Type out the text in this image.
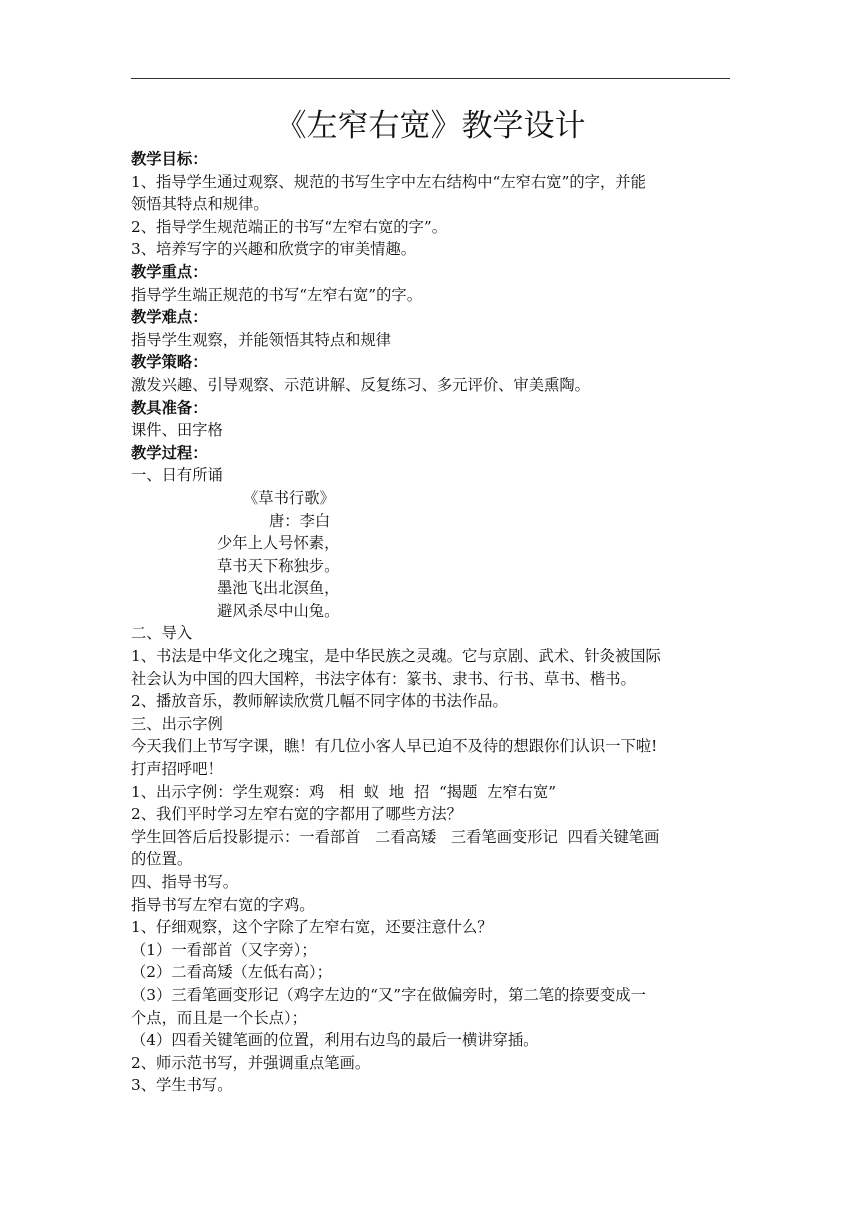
《左窄右宽》教学设计
教学目标：
1、指导学生通过观察、规范的书写生字中左右结构中“左窄右宽”的字，并能
领悟其特点和规律。
2、指导学生规范端正的书写“左窄右宽的字”。
3、培养写字的兴趣和欣赏字的审美情趣。
教学重点：
指导学生端正规范的书写“左窄右宽”的字。
教学难点：
指导学生观察，并能领悟其特点和规律
教学策略：
激发兴趣、引导观察、示范讲解、反复练习、多元评价、审美熏陶。
教具准备：
课件、田字格
教学过程：
一、日有所诵
《草书行歌》
唐：李白
少年上人号怀素，
草书天下称独步。
墨池飞出北溟鱼，
避风杀尽中山兔。
二、导入
1、书法是中华文化之瑰宝，是中华民族之灵魂。它与京剧、武术、针灸被国际
社会认为中国的四大国粹，书法字体有：篆书、隶书、行书、草书、楷书。
2、播放音乐，教师解读欣赏几幅不同字体的书法作品。
三、出示字例
今天我们上节写字课，瞧！有几位小客人早已迫不及待的想跟你们认识一下啦!
打声招呼吧！
1、出示字例：学生观察：鸡   相  蚁  地  招  “揭题  左窄右宽”
2、我们平时学习左窄右宽的字都用了哪些方法？
学生回答后后投影提示：一看部首   二看高矮   三看笔画变形记  四看关键笔画
的位置。
四、指导书写。
指导书写左窄右宽的字鸡。
1、仔细观察，这个字除了左窄右宽，还要注意什么？
（1）一看部首（又字旁）；
（2）二看高矮（左低右高）；
（3）三看笔画变形记（鸡字左边的“又”字在做偏旁时，第二笔的捺要变成一
个点，而且是一个长点）；
（4）四看关键笔画的位置，利用右边鸟的最后一横讲穿插。
2、师示范书写，并强调重点笔画。
3、学生书写。
